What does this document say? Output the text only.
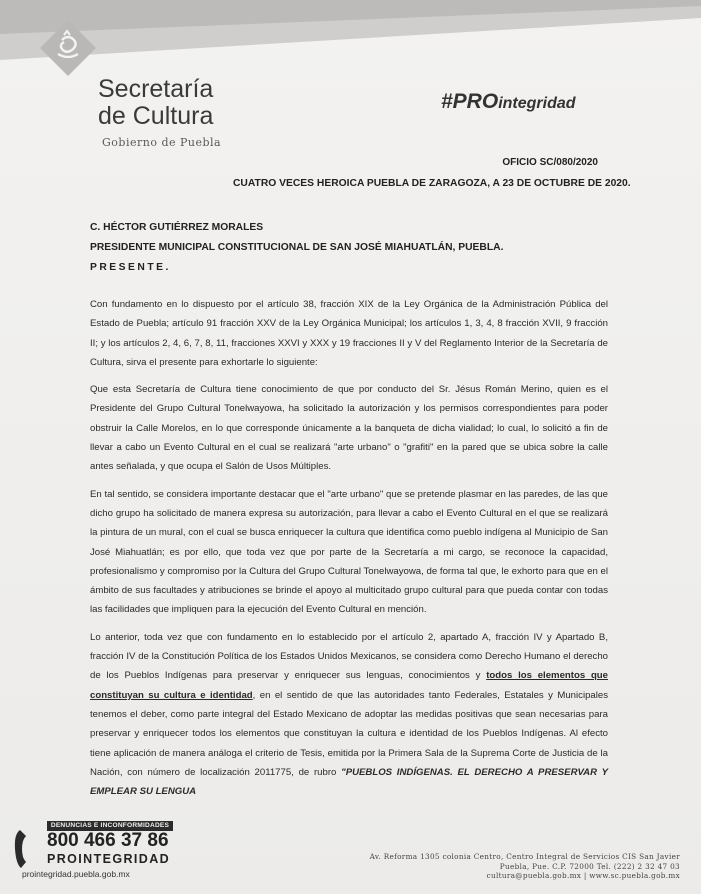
Secretaría
de Cultura
Gobierno de Puebla
#PROintegridad
OFICIO SC/080/2020
CUATRO VECES HEROICA PUEBLA DE ZARAGOZA, A 23 DE OCTUBRE DE 2020.
C. HÉCTOR GUTIÉRREZ MORALES
PRESIDENTE MUNICIPAL CONSTITUCIONAL DE SAN JOSÉ MIAHUATLÁN, PUEBLA.
PRESENTE.

Con fundamento en lo dispuesto por el artículo 38, fracción XIX de la Ley Orgánica de la Administración Pública del Estado de Puebla; artículo 91 fracción XXV de la Ley Orgánica Municipal; los artículos 1, 3, 4, 8 fracción XVII, 9 fracción II; y los artículos 2, 4, 6, 7, 8, 11, fracciones XXVI y XXX y 19 fracciones II y V del Reglamento Interior de la Secretaría de Cultura, sirva el presente para exhortarle lo siguiente:

Que esta Secretaría de Cultura tiene conocimiento de que por conducto del Sr. Jésus Román Merino, quien es el Presidente del Grupo Cultural Tonelwayowa, ha solicitado la autorización y los permisos correspondientes para poder obstruir la Calle Morelos, en lo que corresponde únicamente a la banqueta de dicha vialidad; lo cual, lo solicitó a fin de llevar a cabo un Evento Cultural en el cual se realizará "arte urbano" o "grafiti" en la pared que se ubica sobre la calle antes señalada, y que ocupa el Salón de Usos Múltiples.

En tal sentido, se considera importante destacar que el "arte urbano" que se pretende plasmar en las paredes, de las que dicho grupo ha solicitado de manera expresa su autorización, para llevar a cabo el Evento Cultural en el que se realizará la pintura de un mural, con el cual se busca enriquecer la cultura que identifica como pueblo indígena al Municipio de San José Miahuatlán; es por ello, que toda vez que por parte de la Secretaría a mi cargo, se reconoce la capacidad, profesionalismo y compromiso por la Cultura del Grupo Cultural Tonelwayowa, de forma tal que, le exhorto para que en el ámbito de sus facultades y atribuciones se brinde el apoyo al multicitado grupo cultural para que pueda contar con todas las facilidades que impliquen para la ejecución del Evento Cultural en mención.

Lo anterior, toda vez que con fundamento en lo establecido por el artículo 2, apartado A, fracción IV y Apartado B, fracción IV de la Constitución Política de los Estados Unidos Mexicanos, se considera como Derecho Humano el derecho de los Pueblos Indígenas para preservar y enriquecer sus lenguas, conocimientos y todos los elementos que constituyan su cultura e identidad, en el sentido de que las autoridades tanto Federales, Estatales y Municipales tenemos el deber, como parte integral del Estado Mexicano de adoptar las medidas positivas que sean necesarias para preservar y enriquecer todos los elementos que constituyan la cultura e identidad de los Pueblos Indígenas. Al efecto tiene aplicación de manera análoga el criterio de Tesis, emitida por la Primera Sala de la Suprema Corte de Justicia de la Nación, con número de localización 2011775, de rubro "PUEBLOS INDÍGENAS. EL DERECHO A PRESERVAR Y EMPLEAR SU LENGUA

DENUNCIAS E INCONFORMIDADES
800 466 37 86
PROINTEGRIDAD
prointegridad.puebla.gob.mx
Av. Reforma 1305 colonia Centro, Centro Integral de Servicios CIS San Javier
Puebla, Pue. C.P. 72000 Tel. (222) 2 32 47 03
cultura@puebla.gob.mx | www.sc.puebla.gob.mx
